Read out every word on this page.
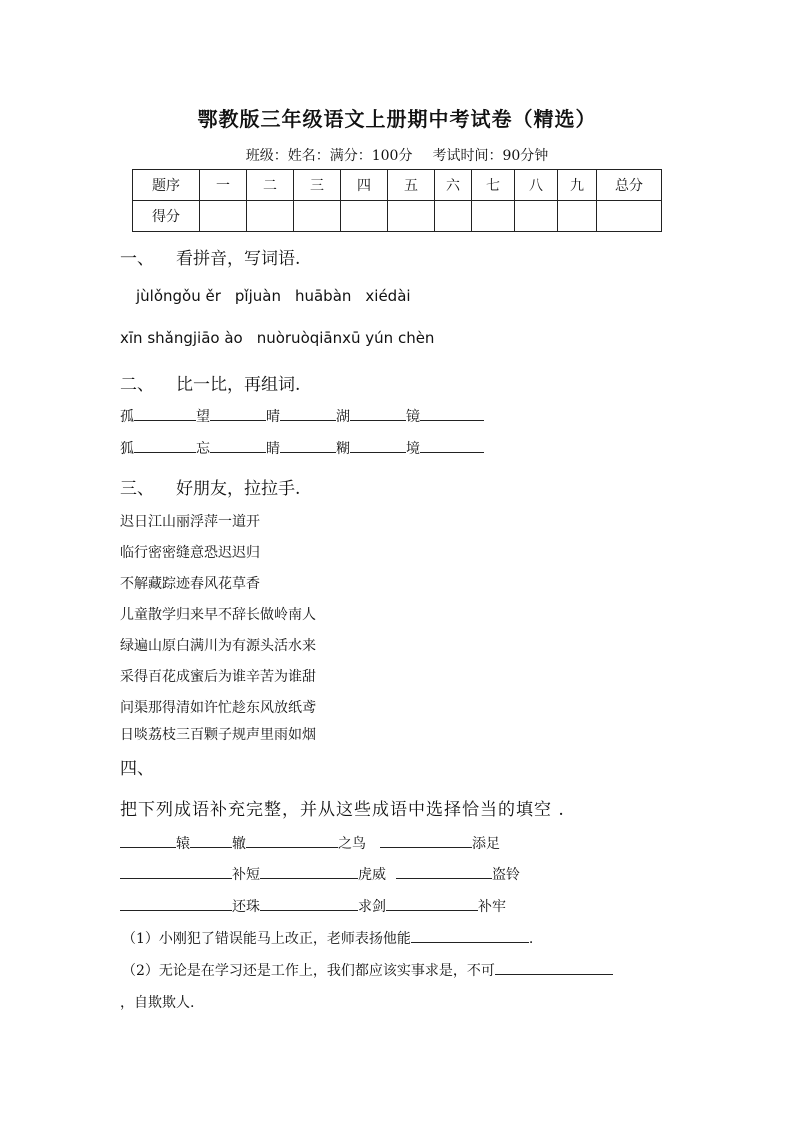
鄂教版三年级语文上册期中考试卷（精选）
班级：姓名：满分：100分 考试时间：90分钟
题序	一	二	三	四	五	六	七	八	九	总分
得分										
一、 看拼音，写词语.
jùlǒngǒu ěr pǐjuàn huābàn xiédài
xīn shǎngjiāo ào nuòruòqiānxū yún chèn
二、 比一比，再组词.
孤	望	晴	湖	镜
狐	忘	睛	糊	境
三、 好朋友，拉拉手.
迟日江山丽浮萍一道开
临行密密缝意恐迟迟归
不解藏踪迹春风花草香
儿童散学归来早不辞长做岭南人
绿遍山原白满川为有源头活水来
采得百花成蜜后为谁辛苦为谁甜
问渠那得清如许忙趁东风放纸鸢
日啖荔枝三百颗子规声里雨如烟
四、
把下列成语补充完整，并从这些成语中选择恰当的填空 .
辕	辙	之鸟	添足
补短	虎威	盗铃
还珠	求剑	补牢
（1）小刚犯了错误能马上改正，老师表扬他能	.
（2）无论是在学习还是工作上，我们都应该实事求是，不可
，自欺欺人.
